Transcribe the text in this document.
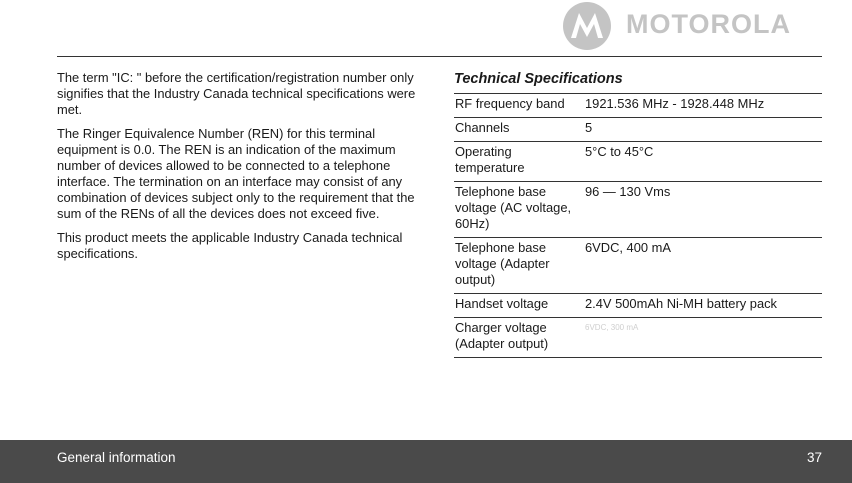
MOTOROLA

The term "IC: " before the certification/registration number only signifies that the Industry Canada technical specifications were met.

The Ringer Equivalence Number (REN) for this terminal equipment is 0.0. The REN is an indication of the maximum number of devices allowed to be connected to a telephone interface. The termination on an interface may consist of any combination of devices subject only to the requirement that the sum of the RENs of all the devices does not exceed five.

This product meets the applicable Industry Canada technical specifications.

Technical Specifications
RF frequency band	1921.536 MHz - 1928.448 MHz
Channels	5
Operating temperature	5°C to 45°C
Telephone base voltage (AC voltage, 60Hz)	96 — 130 Vms
Telephone base voltage (Adapter output)	6VDC, 400 mA
Handset voltage	2.4V 500mAh Ni-MH battery pack
Charger voltage (Adapter output)	6VDC, 300 mA
General information	37
